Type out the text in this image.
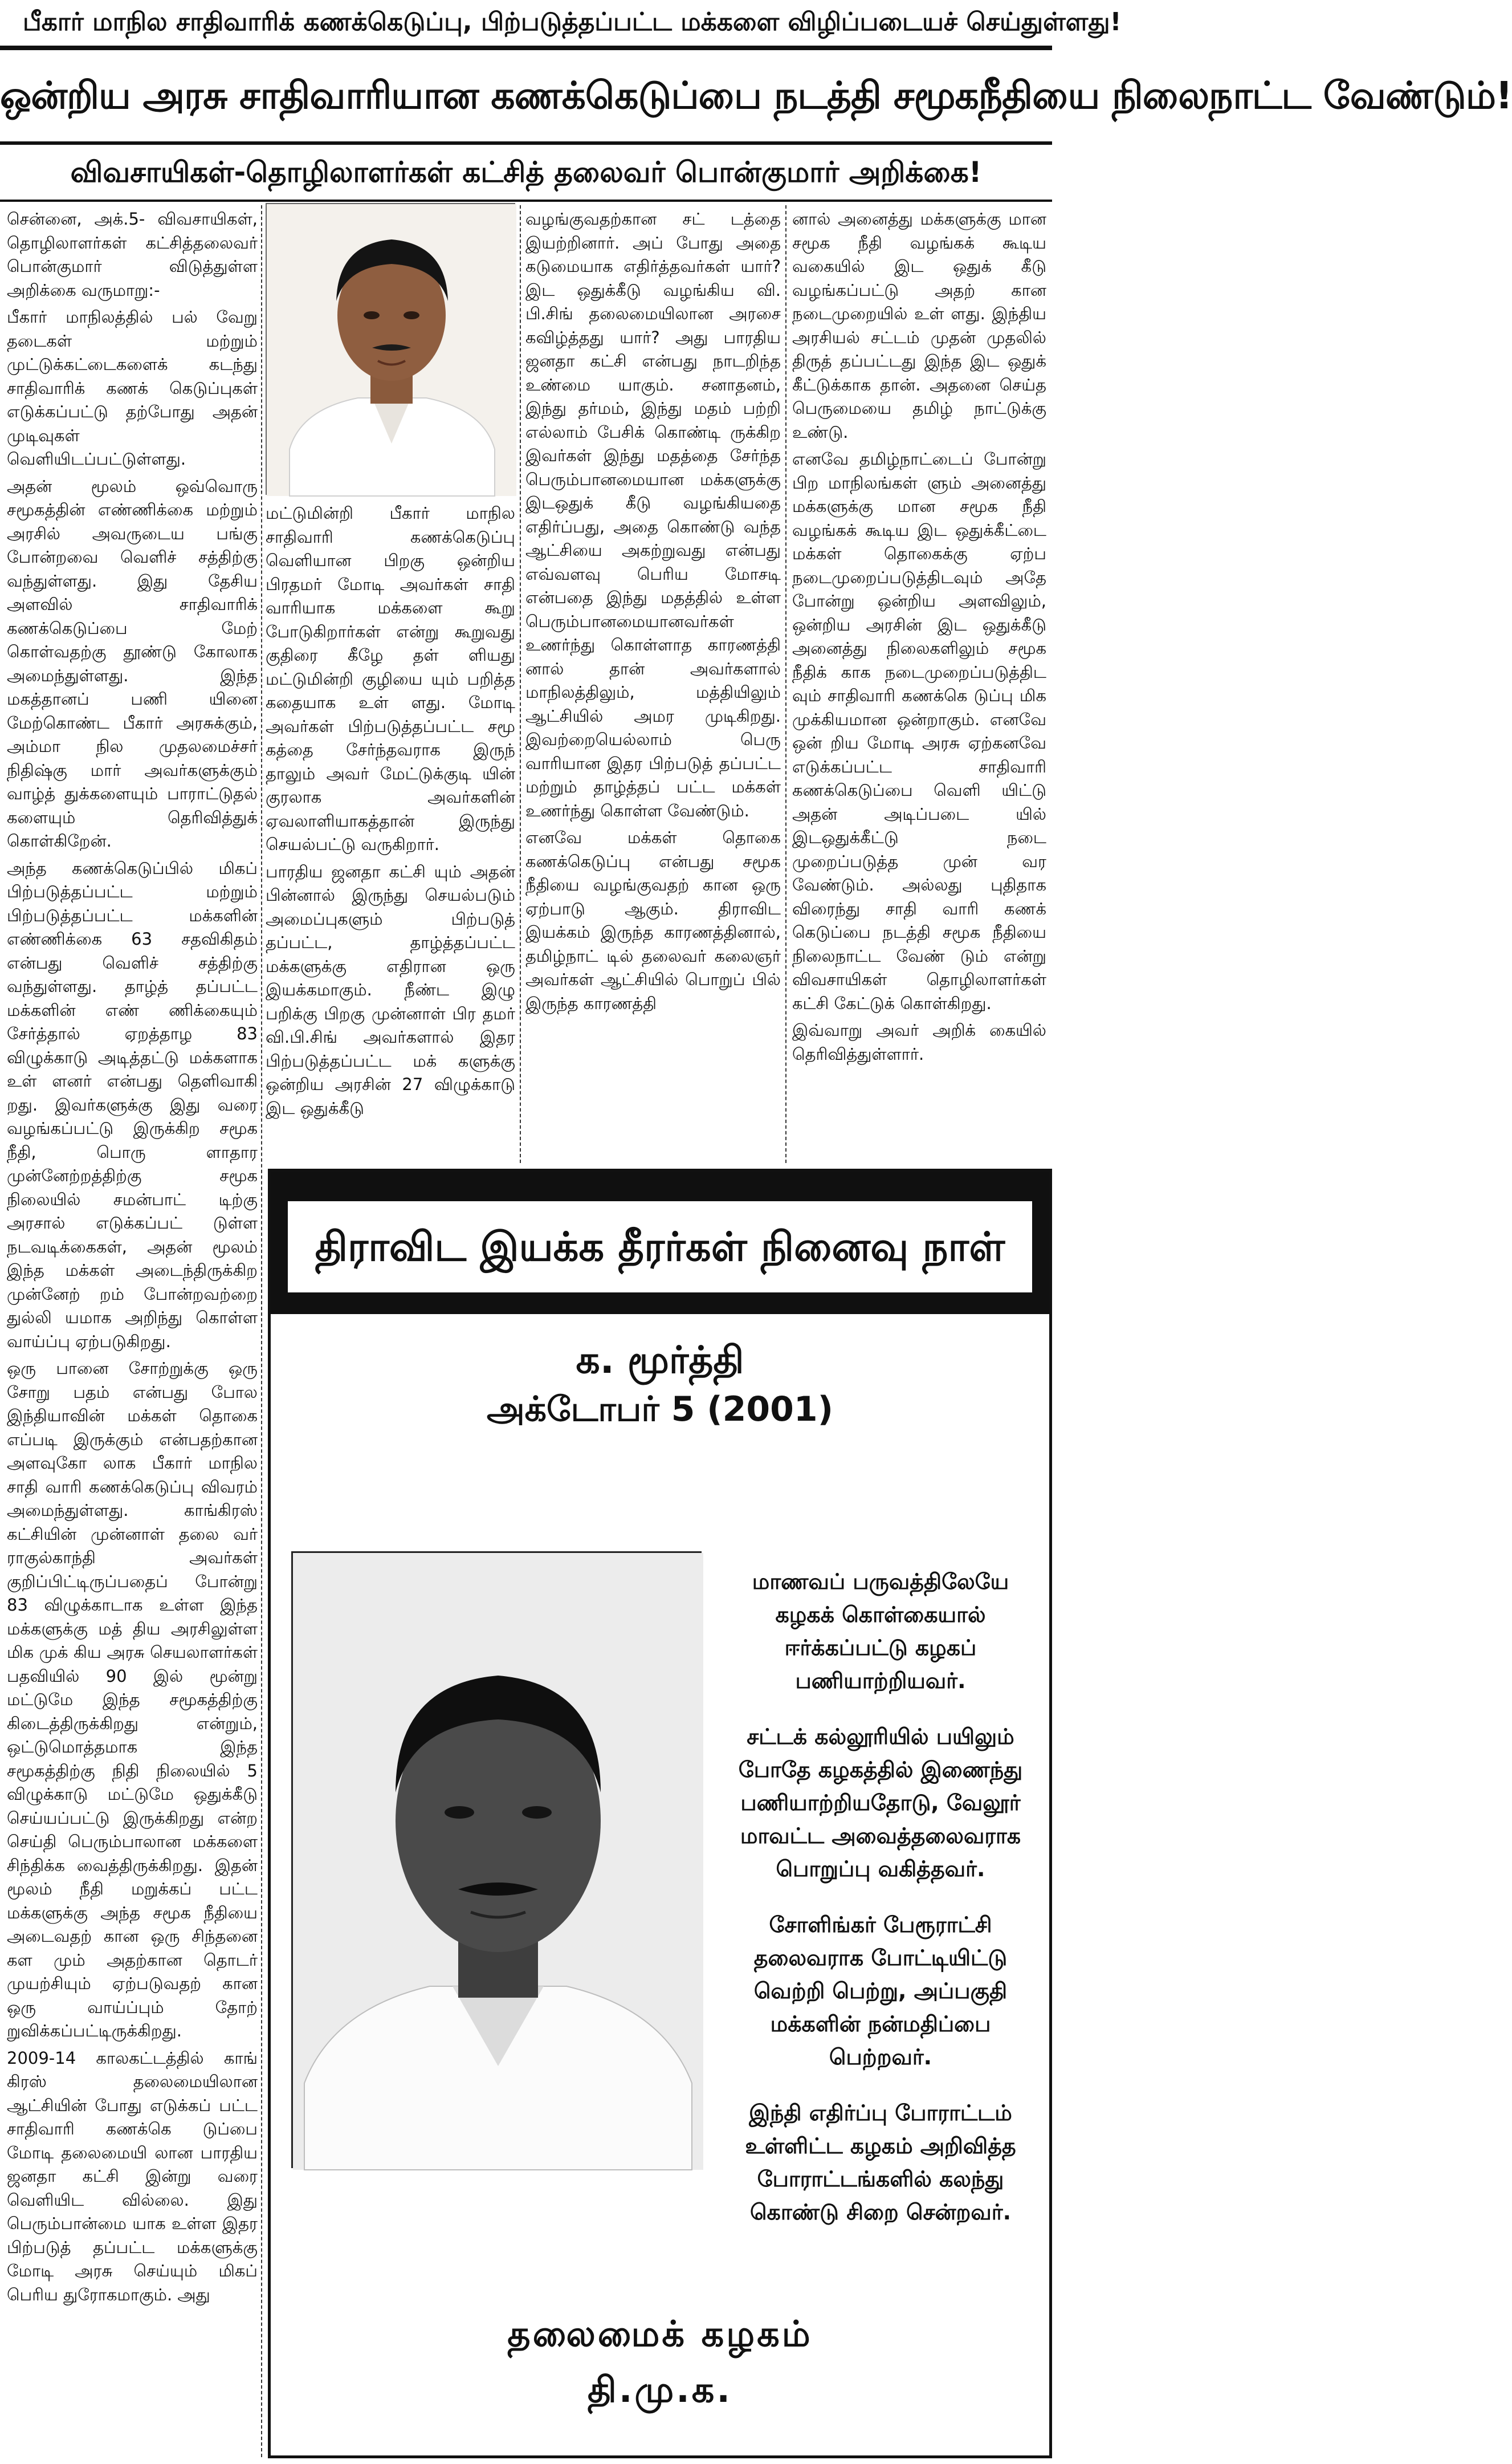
பீகார் மாநில சாதிவாரிக் கணக்கெடுப்பு, பிற்படுத்தப்பட்ட மக்களை விழிப்படையச் செய்துள்ளது!
ஒன்றிய அரசு சாதிவாரியான கணக்கெடுப்பை நடத்தி சமூகநீதியை நிலைநாட்ட வேண்டும்!
விவசாயிகள்-தொழிலாளர்கள் கட்சித் தலைவர் பொன்குமார் அறிக்கை!

சென்னை, அக்.5- விவசாயிகள், தொழிலாளர்கள் கட்சித்தலைவர் பொன்குமார் விடுத்துள்ள அறிக்கை வருமாறு:-

பீகார் மாநிலத்தில் பல் வேறு தடைகள் மற்றும் முட்டுக்கட்டைகளைக் கடந்து சாதிவாரிக் கணக் கெடுப்புகள் எடுக்கப்பட்டு தற்போது அதன் முடிவுகள் வெளியிடப்பட்டுள்ளது.

அதன் மூலம் ஒவ்வொரு சமூகத்தின் எண்ணிக்கை மற்றும் அரசில் அவருடைய பங்கு போன்றவை வெளிச் சத்திற்கு வந்துள்ளது. இது தேசிய அளவில் சாதிவாரிக் கணக்கெடுப்பை மேற் கொள்வதற்கு தூண்டு கோலாக அமைந்துள்ளது. இந்த மகத்தானப் பணி யினை மேற்கொண்ட பீகார் அரசுக்கும், அம்மா நில முதலமைச்சர் நிதிஷ்கு மார் அவர்களுக்கும் வாழ்த் துக்களையும் பாராட்டுதல் களையும் தெரிவித்துக் கொள்கிறேன்.

அந்த கணக்கெடுப்பில் மிகப் பிற்படுத்தப்பட்ட மற்றும் பிற்படுத்தப்பட்ட மக்களின் எண்ணிக்கை 63 சதவிகிதம் என்பது வெளிச் சத்திற்கு வந்துள்ளது. தாழ்த் தப்பட்ட மக்களின் எண் ணிக்கையும் சேர்த்தால் ஏறத்தாழ 83 விழுக்காடு அடித்தட்டு மக்களாக உள் ளனர் என்பது தெளிவாகி றது. இவர்களுக்கு இது வரை வழங்கப்பட்டு இருக்கிற சமூக நீதி, பொரு ளாதார முன்னேற்றத்திற்கு சமூக நிலையில் சமன்பாட் டிற்கு அரசால் எடுக்கப்பட் டுள்ள நடவடிக்கைகள், அதன் மூலம் இந்த மக்கள் அடைந்திருக்கிற முன்னேற் றம் போன்றவற்றை துல்லி யமாக அறிந்து கொள்ள வாய்ப்பு ஏற்படுகிறது.

ஒரு பானை சோற்றுக்கு ஒரு சோறு பதம் என்பது போல இந்தியாவின் மக்கள் தொகை எப்படி இருக்கும் என்பதற்கான அளவுகோ லாக பீகார் மாநில சாதி வாரி கணக்கெடுப்பு விவரம் அமைந்துள்ளது. காங்கிரஸ் கட்சியின் முன்னாள் தலை வர் ராகுல்காந்தி அவர்கள் குறிப்பிட்டிருப்பதைப் போன்று 83 விழுக்காடாக உள்ள இந்த மக்களுக்கு மத் திய அரசிலுள்ள மிக முக் கிய அரசு செயலாளர்கள் பதவியில் 90 இல் மூன்று மட்டுமே இந்த சமூகத்திற்கு கிடைத்திருக்கிறது என்றும், ஒட்டுமொத்தமாக இந்த சமூகத்திற்கு நிதி நிலையில் 5 விழுக்காடு மட்டுமே ஒதுக்கீடு செய்யப்பட்டு இருக்கிறது என்ற செய்தி பெரும்பாலான மக்களை சிந்திக்க வைத்திருக்கிறது. இதன் மூலம் நீதி மறுக்கப் பட்ட மக்களுக்கு அந்த சமூக நீதியை அடைவதற் கான ஒரு சிந்தனை கள மும் அதற்கான தொடர் முயற்சியும் ஏற்படுவதற் கான ஒரு வாய்ப்பும் தோற் றுவிக்கப்பட்டிருக்கிறது.

2009-14 காலகட்டத்தில் காங் கிரஸ் தலைமையிலான ஆட்சியின் போது எடுக்கப் பட்ட சாதிவாரி கணக்கெ டுப்பை மோடி தலைமையி லான பாரதிய ஜனதா கட்சி இன்று வரை வெளியிட வில்லை. இது பெரும்பான்மை யாக உள்ள இதர பிற்படுத் தப்பட்ட மக்களுக்கு மோடி அரசு செய்யும் மிகப் பெரிய துரோகமாகும். அது

மட்டுமின்றி பீகார் மாநில சாதிவாரி கணக்கெடுப்பு வெளியான பிறகு ஒன்றிய பிரதமர் மோடி அவர்கள் சாதி வாரியாக மக்களை கூறு போடுகிறார்கள் என்று கூறுவது குதிரை கீழே தள் ளியது மட்டுமின்றி குழியை யும் பறித்த கதையாக உள் ளது. மோடி அவர்கள் பிற்படுத்தப்பட்ட சமூ கத்தை சேர்ந்தவராக இருந் தாலும் அவர் மேட்டுக்குடி யின் குரலாக அவர்களின் ஏவலாளியாகத்தான் இருந்து செயல்பட்டு வருகிறார்.

பாரதிய ஜனதா கட்சி யும் அதன் பின்னால் இருந்து செயல்படும் அமைப்புகளும் பிற்படுத் தப்பட்ட, தாழ்த்தப்பட்ட மக்களுக்கு எதிரான ஒரு இயக்கமாகும். நீண்ட இழு பறிக்கு பிறகு முன்னாள் பிர தமர் வி.பி.சிங் அவர்களால் இதர பிற்படுத்தப்பட்ட மக் களுக்கு ஒன்றிய அரசின் 27 விழுக்காடு இட ஒதுக்கீடு

வழங்குவதற்கான சட் டத்தை இயற்றினார். அப் போது அதை கடுமையாக எதிர்த்தவர்கள் யார்? இட ஒதுக்கீடு வழங்கிய வி. பி.சிங் தலைமையிலான அரசை கவிழ்த்தது யார்? அது பாரதிய ஜனதா கட்சி என்பது நாடறிந்த உண்மை யாகும். சனாதனம், இந்து தர்மம், இந்து மதம் பற்றி எல்லாம் பேசிக் கொண்டி ருக்கிற இவர்கள் இந்து மதத்தை சேர்ந்த பெரும்பானமையான மக்களுக்கு இடஒதுக் கீடு வழங்கியதை எதிர்ப்பது, அதை கொண்டு வந்த ஆட்சியை அகற்றுவது என்பது எவ்வளவு பெரிய மோசடி என்பதை இந்து மதத்தில் உள்ள பெரும்பானமையானவர்கள் உணர்ந்து கொள்ளாத காரணத்தி னால் தான் அவர்களால் மாநிலத்திலும், மத்தியிலும் ஆட்சியில் அமர முடிகிறது. இவற்றையெல்லாம் பெரு வாரியான இதர பிற்படுத் தப்பட்ட மற்றும் தாழ்த்தப் பட்ட மக்கள் உணர்ந்து கொள்ள வேண்டும்.

எனவே மக்கள் தொகை கணக்கெடுப்பு என்பது சமூக நீதியை வழங்குவதற் கான ஒரு ஏற்பாடு ஆகும். திராவிட இயக்கம் இருந்த காரணத்தினால், தமிழ்நாட் டில் தலைவர் கலைஞர் அவர்கள் ஆட்சியில் பொறுப் பில் இருந்த காரணத்தி

னால் அனைத்து மக்களுக்கு மான சமூக நீதி வழங்கக் கூடிய வகையில் இட ஒதுக் கீடு வழங்கப்பட்டு அதற் கான நடைமுறையில் உள் ளது. இந்திய அரசியல் சட்டம் முதன் முதலில் திருத் தப்பட்டது இந்த இட ஒதுக் கீட்டுக்காக தான். அதனை செய்த பெருமையை தமிழ் நாட்டுக்கு உண்டு.

எனவே தமிழ்நாட்டைப் போன்று பிற மாநிலங்கள் ளும் அனைத்து மக்களுக்கு மான சமூக நீதி வழங்கக் கூடிய இட ஒதுக்கீட்டை மக்கள் தொகைக்கு ஏற்ப நடைமுறைப்படுத்திடவும் அதே போன்று ஒன்றிய அளவிலும், ஒன்றிய அரசின் இட ஒதுக்கீடு அனைத்து நிலைகளிலும் சமூக நீதிக் காக நடைமுறைப்படுத்திட வும் சாதிவாரி கணக்கெ டுப்பு மிக முக்கியமான ஒன்றாகும். எனவே ஒன் றிய மோடி அரசு ஏற்கனவே எடுக்கப்பட்ட சாதிவாரி கணக்கெடுப்பை வெளி யிட்டு அதன் அடிப்படை யில் இடஒதுக்கீட்டு நடை முறைப்படுத்த முன் வர வேண்டும். அல்லது புதிதாக விரைந்து சாதி வாரி கணக் கெடுப்பை நடத்தி சமூக நீதியை நிலைநாட்ட வேண் டும் என்று விவசாயிகள் தொழிலாளர்கள் கட்சி கேட்டுக் கொள்கிறது.

இவ்வாறு அவர் அறிக் கையில் தெரிவித்துள்ளார்.

திராவிட இயக்க தீரர்கள் நினைவு நாள்
க. மூர்த்தி
அக்டோபர் 5 (2001)

மாணவப் பருவத்திலேயே கழகக் கொள்கையால் ஈர்க்கப்பட்டு கழகப் பணியாற்றியவர்.

சட்டக் கல்லூரியில் பயிலும் போதே கழகத்தில் இணைந்து பணியாற்றியதோடு, வேலூர் மாவட்ட அவைத்தலைவராக பொறுப்பு வகித்தவர்.

சோளிங்கர் பேரூராட்சி தலைவராக போட்டியிட்டு வெற்றி பெற்று, அப்பகுதி மக்களின் நன்மதிப்பை பெற்றவர்.

இந்தி எதிர்ப்பு போராட்டம் உள்ளிட்ட கழகம் அறிவித்த போராட்டங்களில் கலந்து கொண்டு சிறை சென்றவர்.

தலைமைக் கழகம்
தி.மு.க.
